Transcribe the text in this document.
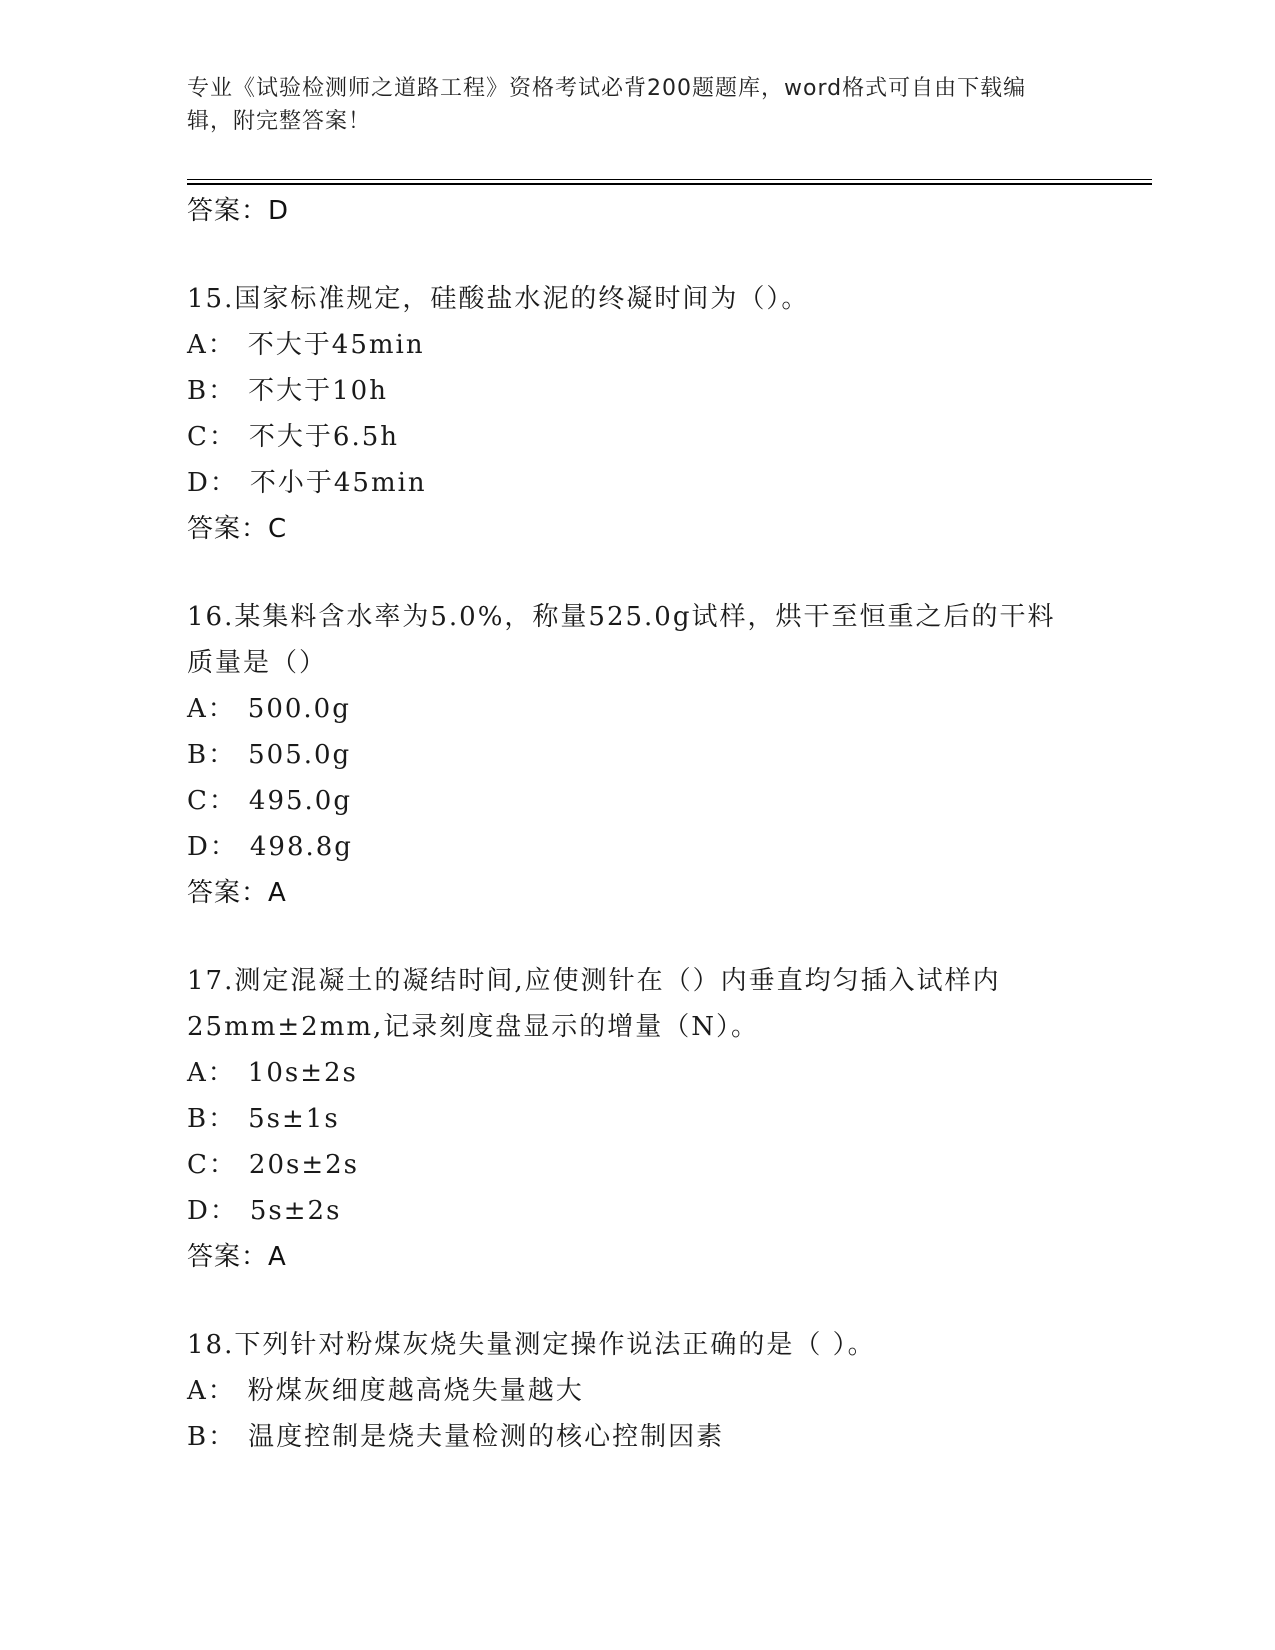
专业《试验检测师之道路工程》资格考试必背200题题库，word格式可自由下载编辑，附完整答案！
答案：D
15.国家标准规定，硅酸盐水泥的终凝时间为（）。
A： 不大于45min
B： 不大于10h
C： 不大于6.5h
D： 不小于45min
答案：C
16.某集料含水率为5.0%，称量525.0g试样，烘干至恒重之后的干料质量是（）
A： 500.0g
B： 505.0g
C： 495.0g
D： 498.8g
答案：A
17.测定混凝土的凝结时间,应使测针在（）内垂直均匀插入试样内25mm±2mm,记录刻度盘显示的增量（N）。
A： 10s±2s
B： 5s±1s
C： 20s±2s
D： 5s±2s
答案：A
18.下列针对粉煤灰烧失量测定操作说法正确的是（ ）。
A： 粉煤灰细度越高烧失量越大
B： 温度控制是烧夫量检测的核心控制因素
